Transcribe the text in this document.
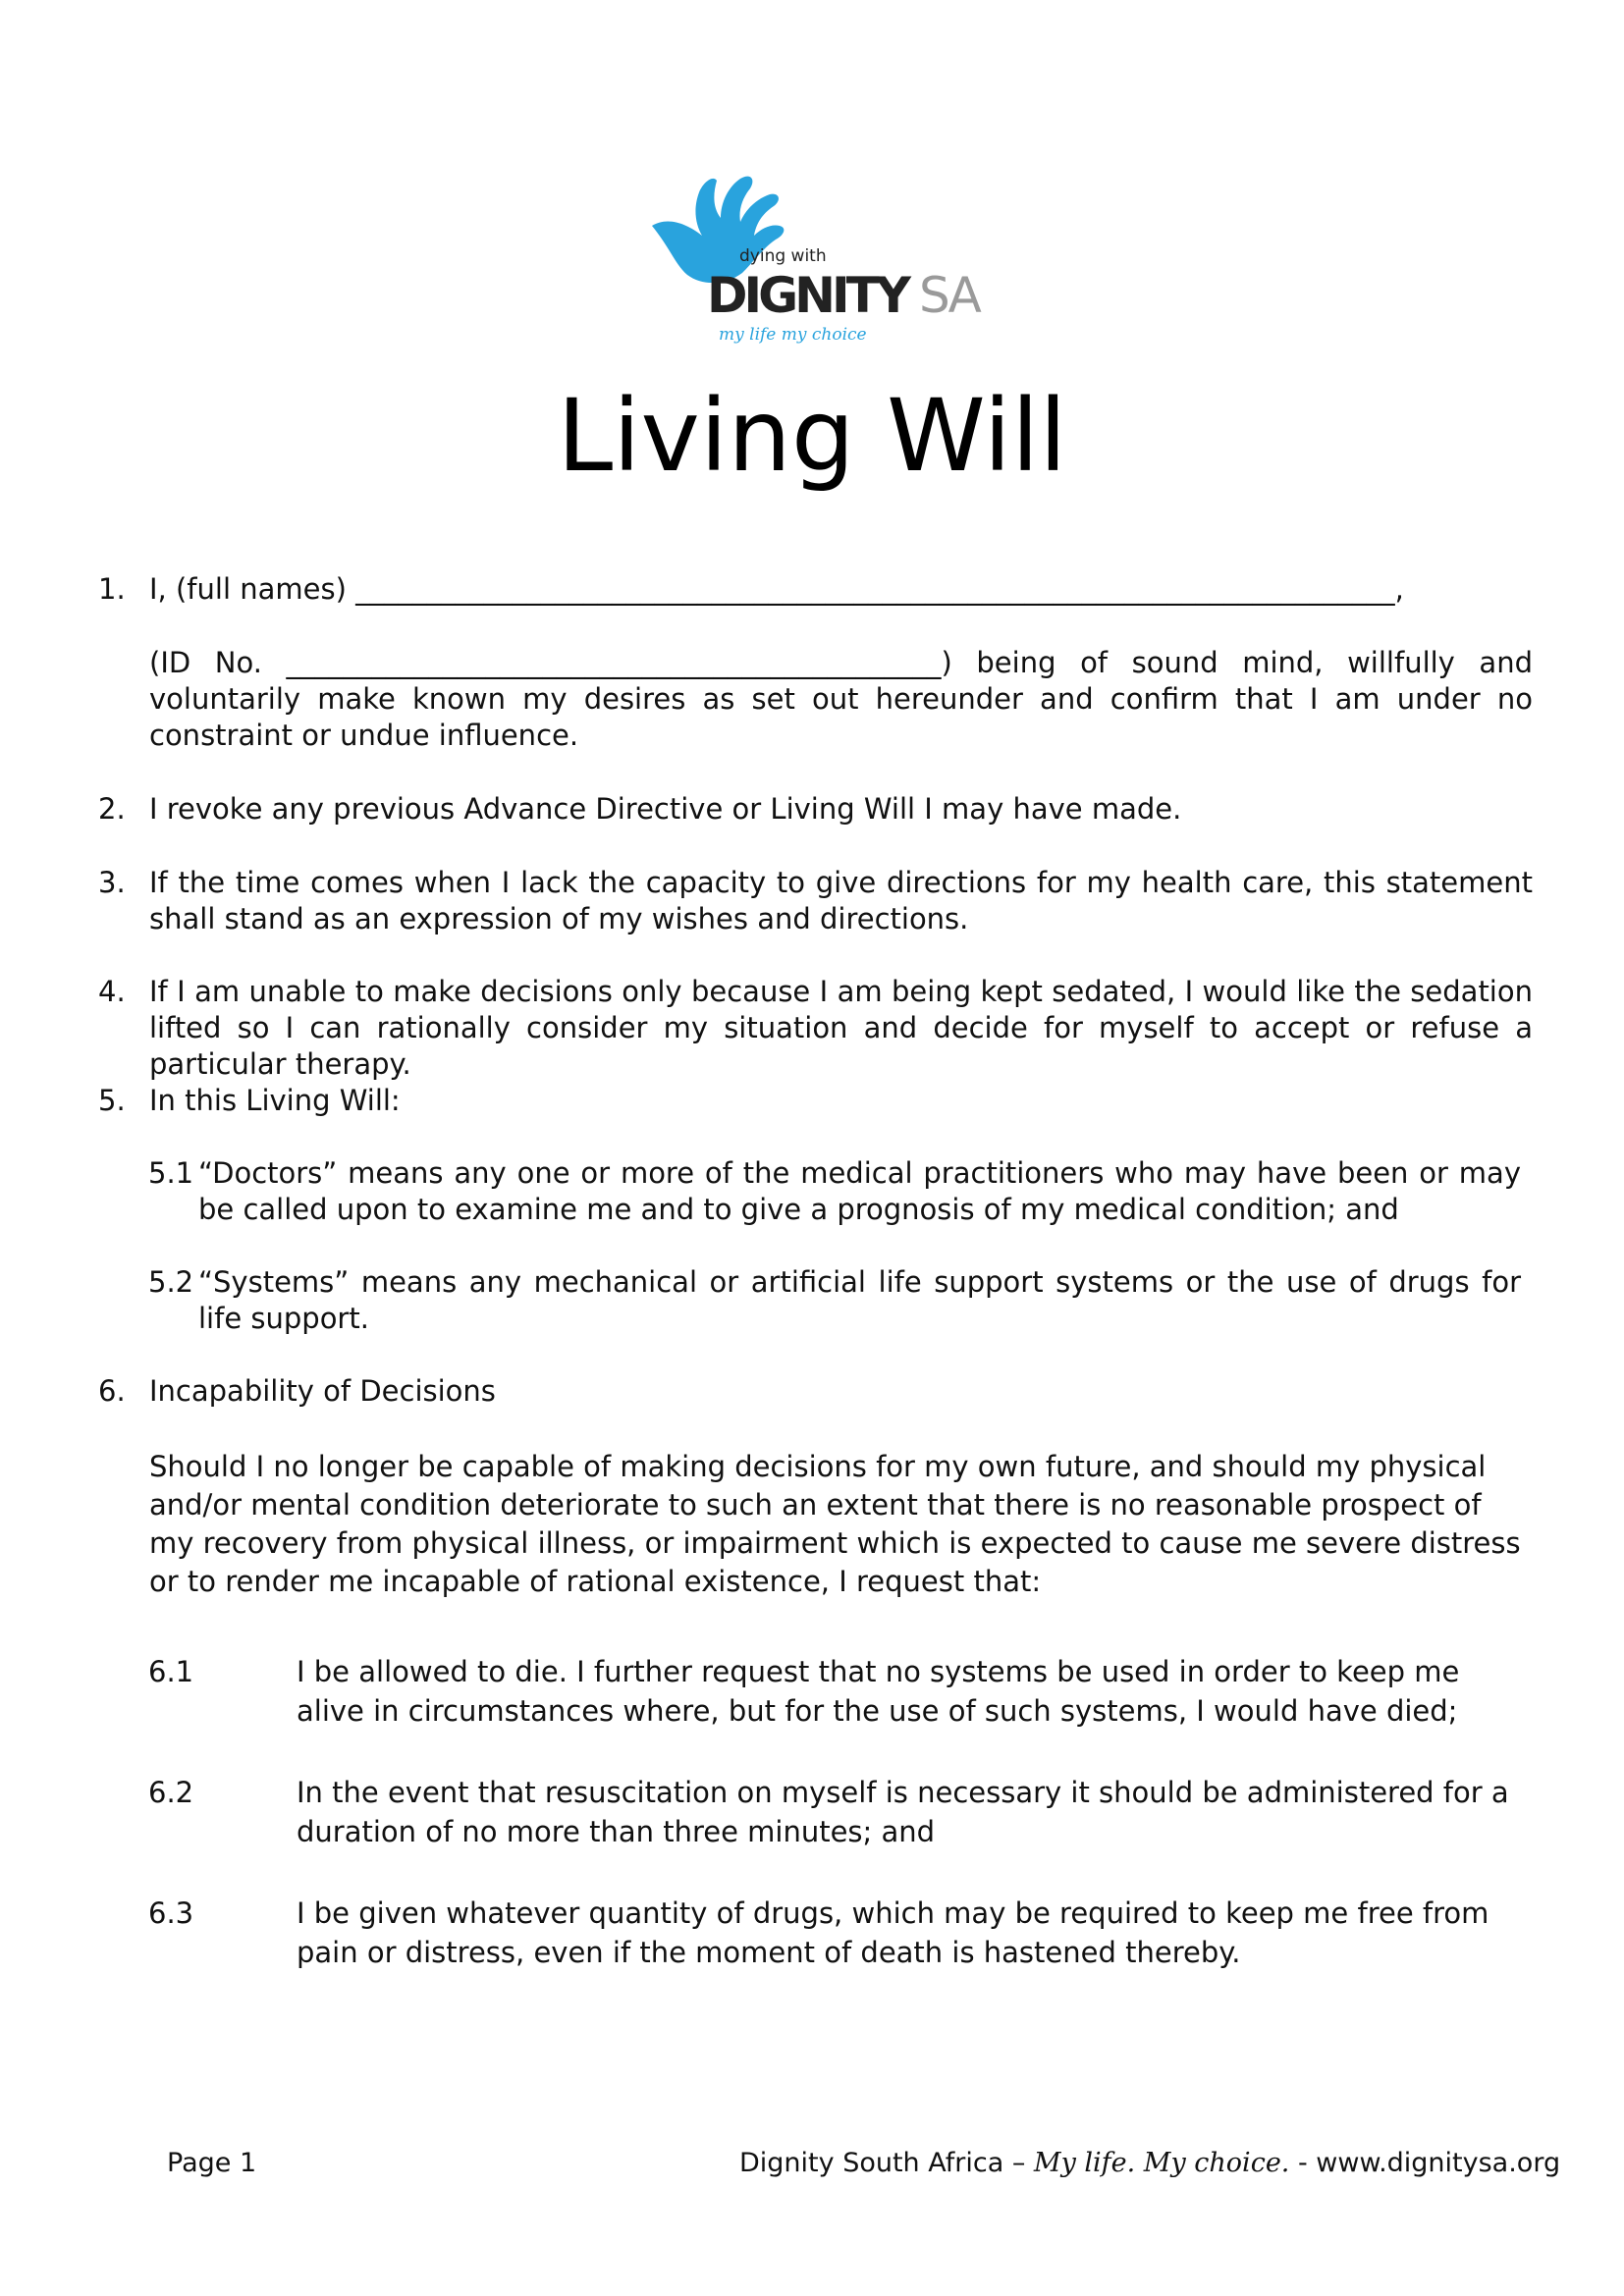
dying with
DIGNITY SA
my life my choice
Living Will
1. I, (full names) _________________________________________________________________________,
(ID No. ______________________________________________) being of sound mind, willfully and voluntarily make known my desires as set out hereunder and confirm that I am under no constraint or undue influence.
2. I revoke any previous Advance Directive or Living Will I may have made.
3. If the time comes when I lack the capacity to give directions for my health care, this statement shall stand as an expression of my wishes and directions.
4. If I am unable to make decisions only because I am being kept sedated, I would like the sedation lifted so I can rationally consider my situation and decide for myself to accept or refuse a particular therapy.
5. In this Living Will:
5.1 “Doctors” means any one or more of the medical practitioners who may have been or may be called upon to examine me and to give a prognosis of my medical condition; and
5.2 “Systems” means any mechanical or artificial life support systems or the use of drugs for life support.
6. Incapability of Decisions
Should I no longer be capable of making decisions for my own future, and should my physical and/or mental condition deteriorate to such an extent that there is no reasonable prospect of my recovery from physical illness, or impairment which is expected to cause me severe distress or to render me incapable of rational existence, I request that:
6.1	I be allowed to die. I further request that no systems be used in order to keep me alive in circumstances where, but for the use of such systems, I would have died;
6.2	In the event that resuscitation on myself is necessary it should be administered for a duration of no more than three minutes; and
6.3	I be given whatever quantity of drugs, which may be required to keep me free from pain or distress, even if the moment of death is hastened thereby.
Page 1	Dignity South Africa – My life. My choice. - www.dignitysa.org
